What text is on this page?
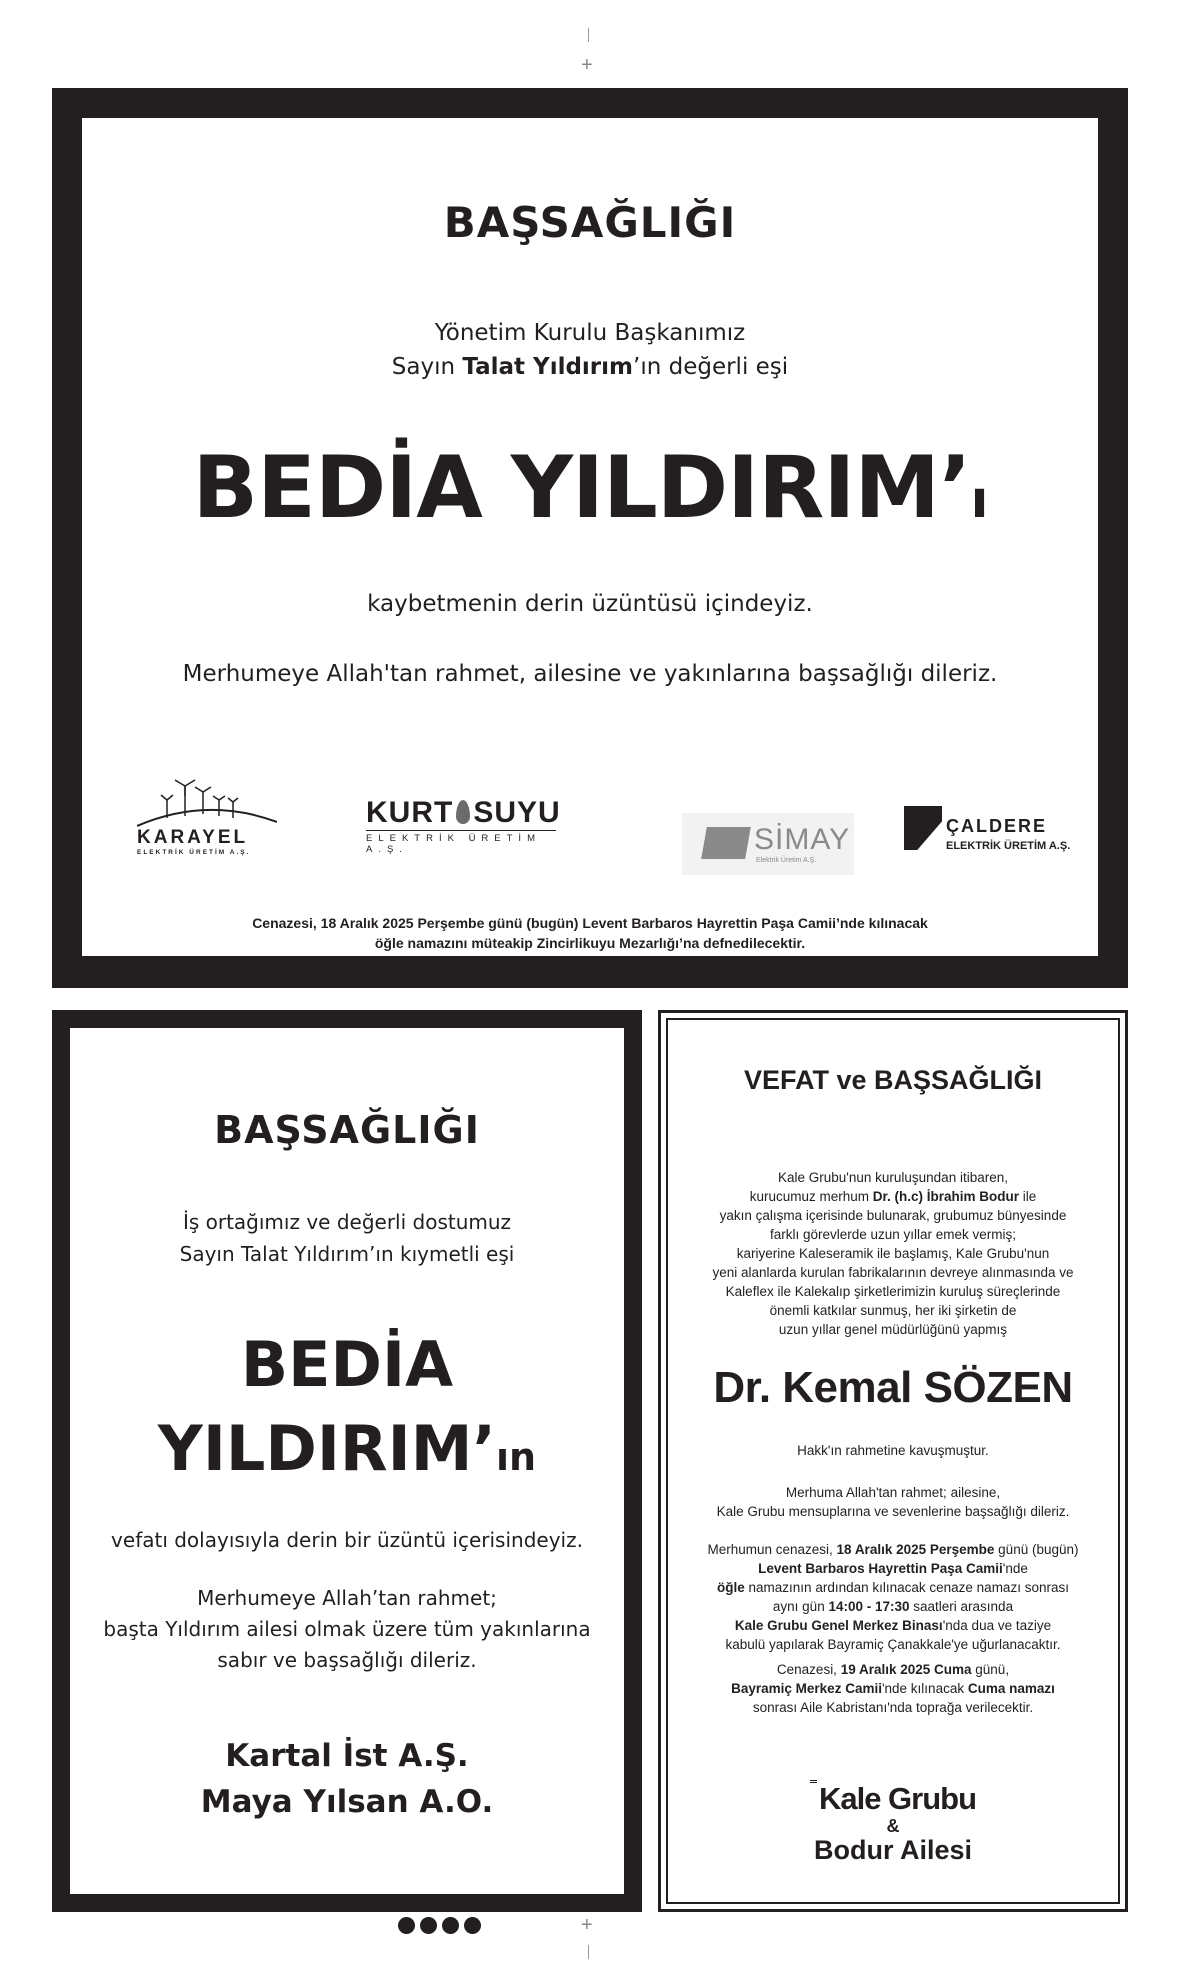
+
+
BAŞSAĞLIĞI
Yönetim Kurulu Başkanımız
Sayın Talat Yıldırım’ın değerli eşi
BEDİA YILDIRIM’ı
kaybetmenin derin üzüntüsü içindeyiz.
Merhumeye Allah'tan rahmet, ailesine ve yakınlarına başsağlığı dileriz.
KARAYEL
ELEKTRİK ÜRETİM A.Ş.
KURT SUYU
ELEKTRİK ÜRETİM A.Ş.	SİMAY
Elektrik Üretim A.Ş.
ÇALDERE
ELEKTRİK ÜRETİM A.Ş.
Cenazesi, 18 Aralık 2025 Perşembe günü (bugün) Levent Barbaros Hayrettin Paşa Camii’nde kılınacak
öğle namazını müteakip Zincirlikuyu Mezarlığı’na defnedilecektir.
BAŞSAĞLIĞI
İş ortağımız ve değerli dostumuz
Sayın Talat Yıldırım’ın kıymetli eşi
BEDİA
YILDIRIM’ın
vefatı dolayısıyla derin bir üzüntü içerisindeyiz.
Merhumeye Allah’tan rahmet;
başta Yıldırım ailesi olmak üzere tüm yakınlarına
sabır ve başsağlığı dileriz.
Kartal İst A.Ş.
Maya Yılsan A.O.
VEFAT ve BAŞSAĞLIĞI
Kale Grubu'nun kuruluşundan itibaren,
kurucumuz merhum Dr. (h.c) İbrahim Bodur ile
yakın çalışma içerisinde bulunarak, grubumuz bünyesinde
farklı görevlerde uzun yıllar emek vermiş;
kariyerine Kaleseramik ile başlamış, Kale Grubu'nun
yeni alanlarda kurulan fabrikalarının devreye alınmasında ve
Kaleflex ile Kalekalıp şirketlerimizin kuruluş süreçlerinde
önemli katkılar sunmuş, her iki şirketin de
uzun yıllar genel müdürlüğünü yapmış
Dr. Kemal SÖZEN
Hakk'ın rahmetine kavuşmuştur.
Merhuma Allah'tan rahmet; ailesine,
Kale Grubu mensuplarına ve sevenlerine başsağlığı dileriz.
Merhumun cenazesi, 18 Aralık 2025 Perşembe günü (bugün)
Levent Barbaros Hayrettin Paşa Camii'nde
öğle namazının ardından kılınacak cenaze namazı sonrası
aynı gün 14:00 - 17:30 saatleri arasında
Kale Grubu Genel Merkez Binası'nda dua ve taziye
kabulü yapılarak Bayramiç Çanakkale'ye uğurlanacaktır.
Cenazesi, 19 Aralık 2025 Cuma günü,
Bayramiç Merkez Camii'nde kılınacak Cuma namazı
sonrası Aile Kabristanı'nda toprağa verilecektir.
Kale Grubu
&
Bodur Ailesi
